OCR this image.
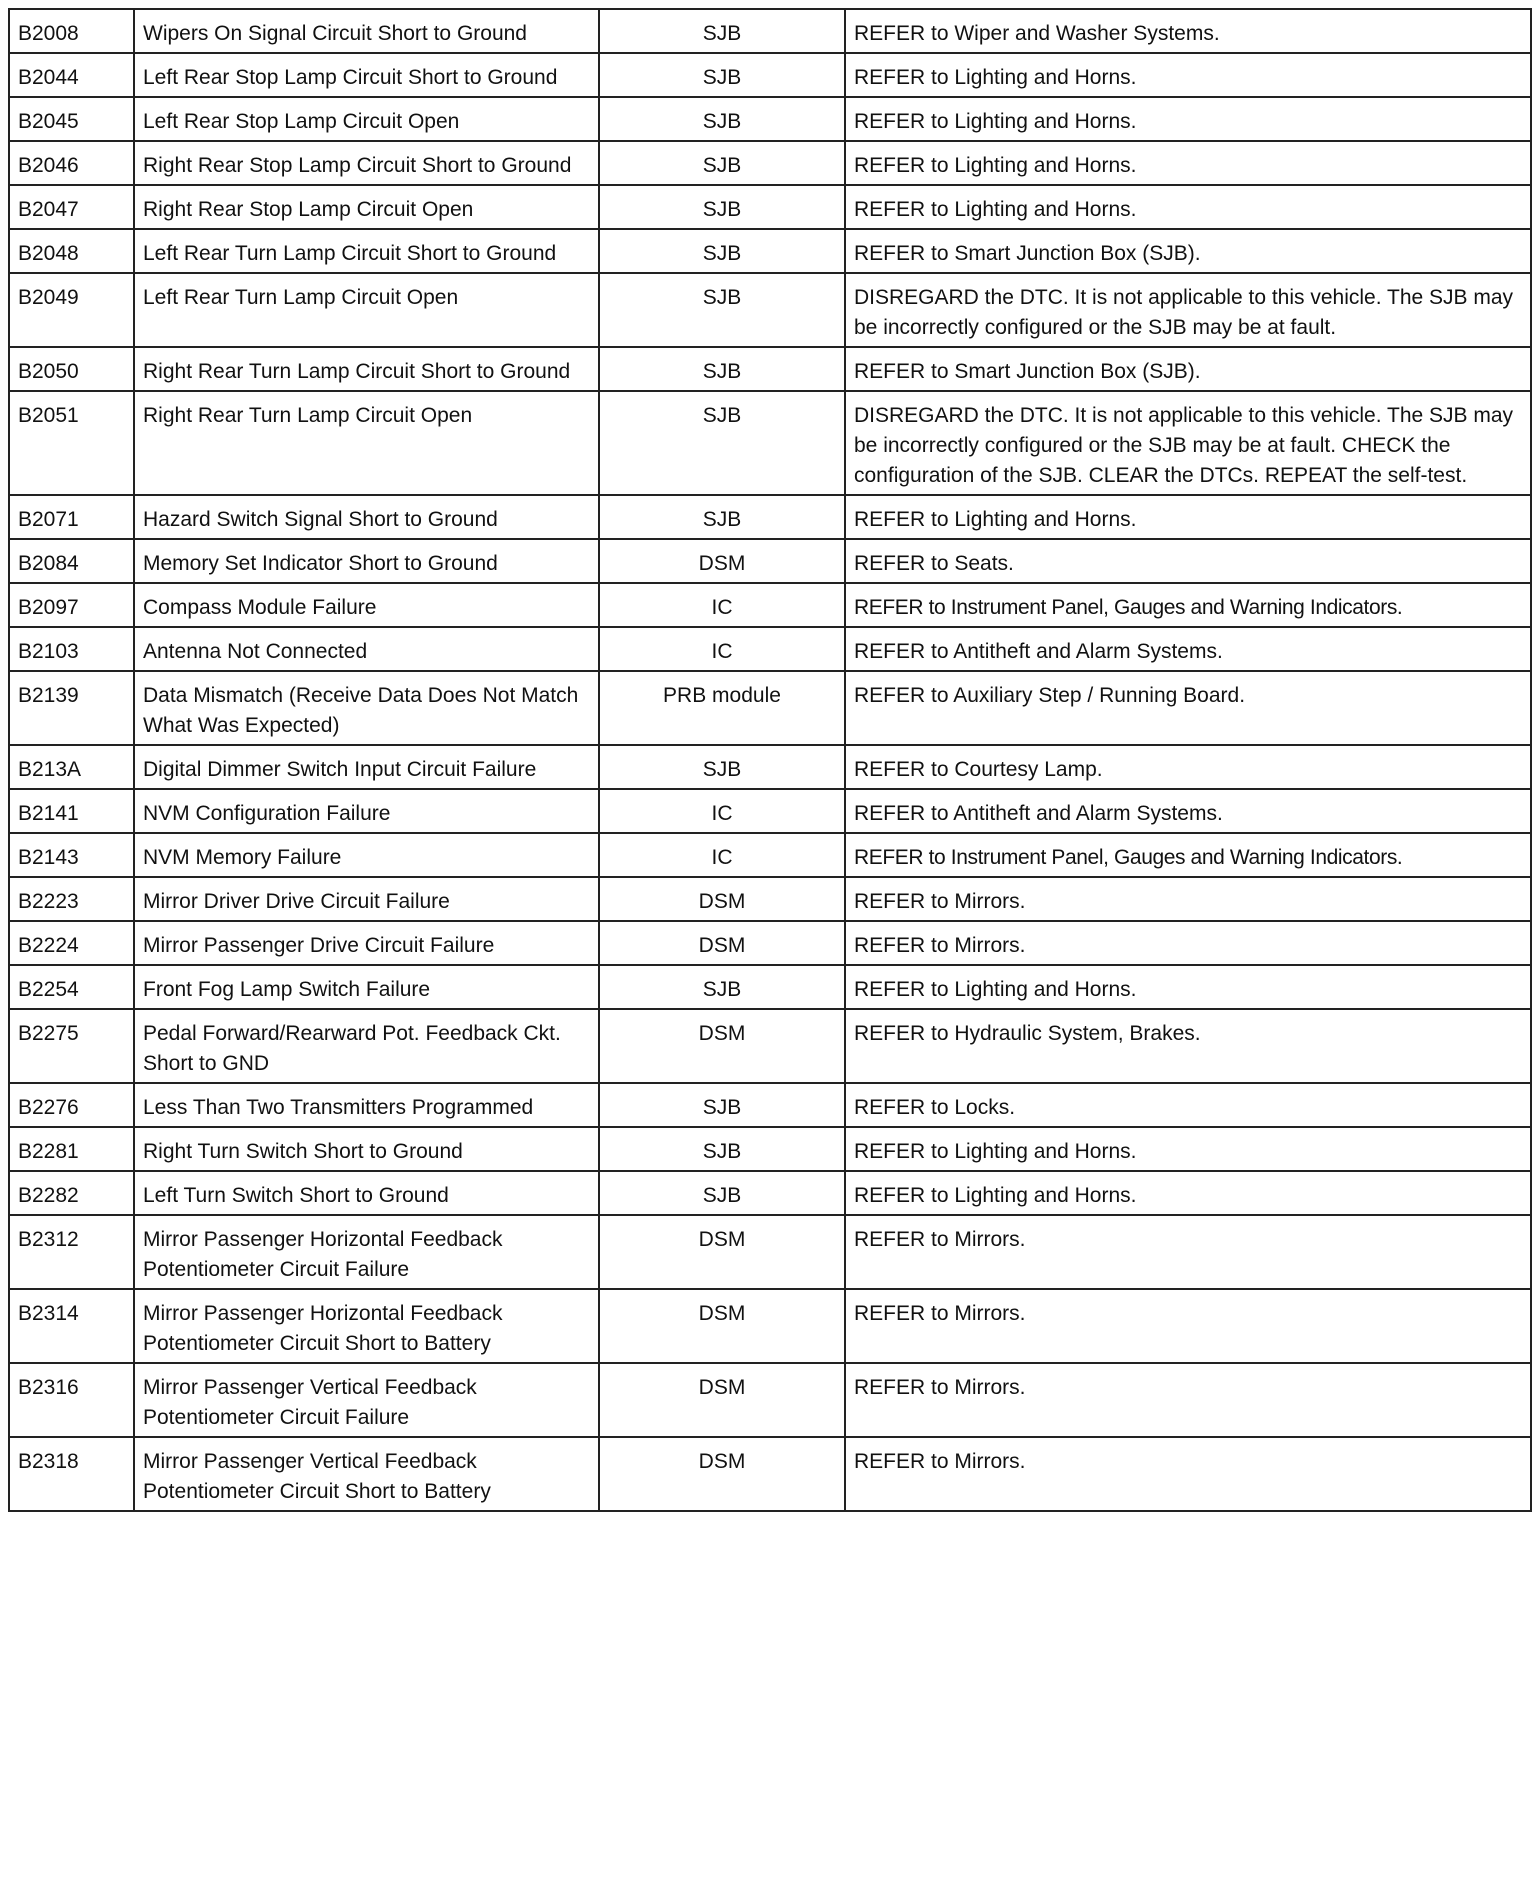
B2008	Wipers On Signal Circuit Short to Ground	SJB	REFER to Wiper and Washer Systems.
B2044	Left Rear Stop Lamp Circuit Short to Ground	SJB	REFER to Lighting and Horns.
B2045	Left Rear Stop Lamp Circuit Open	SJB	REFER to Lighting and Horns.
B2046	Right Rear Stop Lamp Circuit Short to Ground	SJB	REFER to Lighting and Horns.
B2047	Right Rear Stop Lamp Circuit Open	SJB	REFER to Lighting and Horns.
B2048	Left Rear Turn Lamp Circuit Short to Ground	SJB	REFER to Smart Junction Box (SJB).
B2049	Left Rear Turn Lamp Circuit Open	SJB	DISREGARD the DTC. It is not applicable to this vehicle. The SJB may be incorrectly configured or the SJB may be at fault.
B2050	Right Rear Turn Lamp Circuit Short to Ground	SJB	REFER to Smart Junction Box (SJB).
B2051	Right Rear Turn Lamp Circuit Open	SJB	DISREGARD the DTC. It is not applicable to this vehicle. The SJB may be incorrectly configured or the SJB may be at fault. CHECK the configuration of the SJB. CLEAR the DTCs. REPEAT the self-test.
B2071	Hazard Switch Signal Short to Ground	SJB	REFER to Lighting and Horns.
B2084	Memory Set Indicator Short to Ground	DSM	REFER to Seats.
B2097	Compass Module Failure	IC	REFER to Instrument Panel, Gauges and Warning Indicators.
B2103	Antenna Not Connected	IC	REFER to Antitheft and Alarm Systems.
B2139	Data Mismatch (Receive Data Does Not Match What Was Expected)	PRB module	REFER to Auxiliary Step / Running Board.
B213A	Digital Dimmer Switch Input Circuit Failure	SJB	REFER to Courtesy Lamp.
B2141	NVM Configuration Failure	IC	REFER to Antitheft and Alarm Systems.
B2143	NVM Memory Failure	IC	REFER to Instrument Panel, Gauges and Warning Indicators.
B2223	Mirror Driver Drive Circuit Failure	DSM	REFER to Mirrors.
B2224	Mirror Passenger Drive Circuit Failure	DSM	REFER to Mirrors.
B2254	Front Fog Lamp Switch Failure	SJB	REFER to Lighting and Horns.
B2275	Pedal Forward/Rearward Pot. Feedback Ckt. Short to GND	DSM	REFER to Hydraulic System, Brakes.
B2276	Less Than Two Transmitters Programmed	SJB	REFER to Locks.
B2281	Right Turn Switch Short to Ground	SJB	REFER to Lighting and Horns.
B2282	Left Turn Switch Short to Ground	SJB	REFER to Lighting and Horns.
B2312	Mirror Passenger Horizontal Feedback Potentiometer Circuit Failure	DSM	REFER to Mirrors.
B2314	Mirror Passenger Horizontal Feedback Potentiometer Circuit Short to Battery	DSM	REFER to Mirrors.
B2316	Mirror Passenger Vertical Feedback Potentiometer Circuit Failure	DSM	REFER to Mirrors.
B2318	Mirror Passenger Vertical Feedback Potentiometer Circuit Short to Battery	DSM	REFER to Mirrors.
